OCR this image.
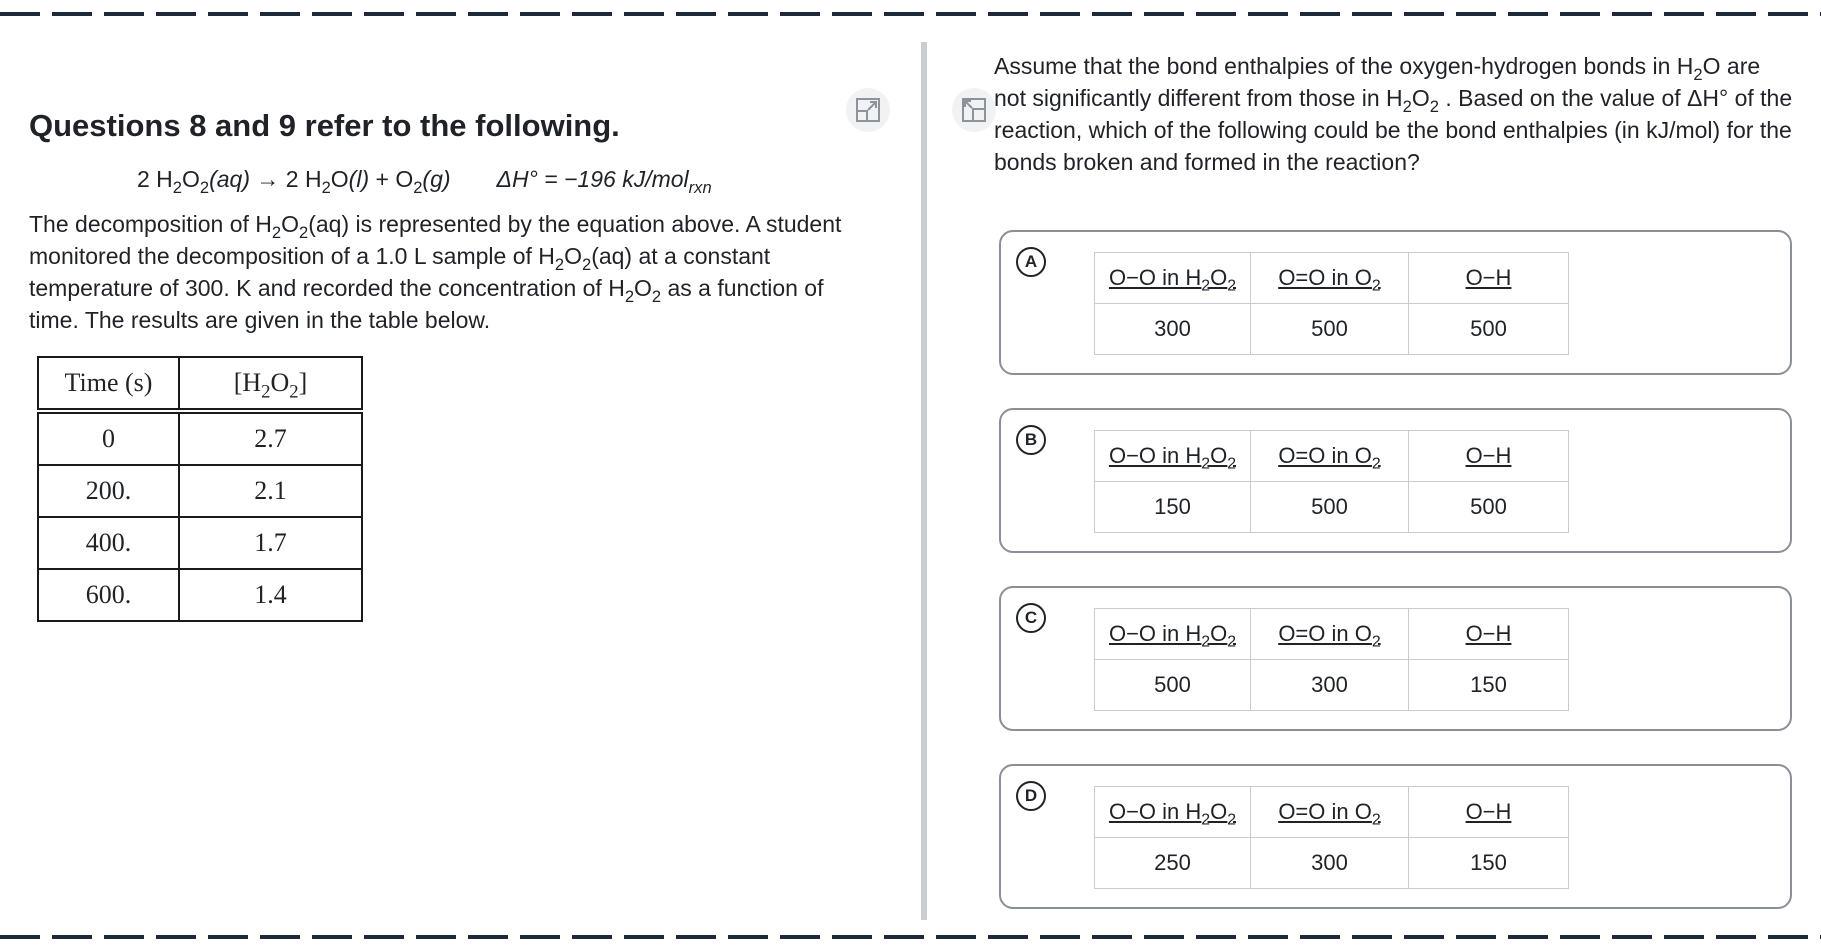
Questions 8 and 9 refer to the following.
2 $H_2O_2(aq) \to 2$ $H_2O(l) + O_2(g) \Delta H^\circ = -196$ kJ/mol$_{rxn}$

The decomposition of $H_2O_2(aq)$ is represented by the equation above. A student monitored the decomposition of a 1.0 L sample of $H_2O_2(aq)$ at a constant temperature of 300. K and recorded the concentration of $H_2O_2$ as a function of time. The results are given in the table below.

Time (s)	$[H_2O_2]$
0	2.7
200.	2.1
400.	1.7
600.	1.4

Assume that the bond enthalpies of the oxygen-hydrogen bonds in $H_2O$ are not significantly different from those in $H_2O_2$ . Based on the value of ΔH° of the reaction, which of the following could be the bond enthalpies (in kJ/mol) for the bonds broken and formed in the reaction?

A
O−O in $H_2O_2$	O=O in $O_2$	O−H
300	500	500
B
O−O in $H_2O_2$	O=O in $O_2$	O−H
150	500	500
C
O−O in $H_2O_2$	O=O in $O_2$	O−H
500	300	150
D
O−O in $H_2O_2$	O=O in $O_2$	O−H
250	300	150
